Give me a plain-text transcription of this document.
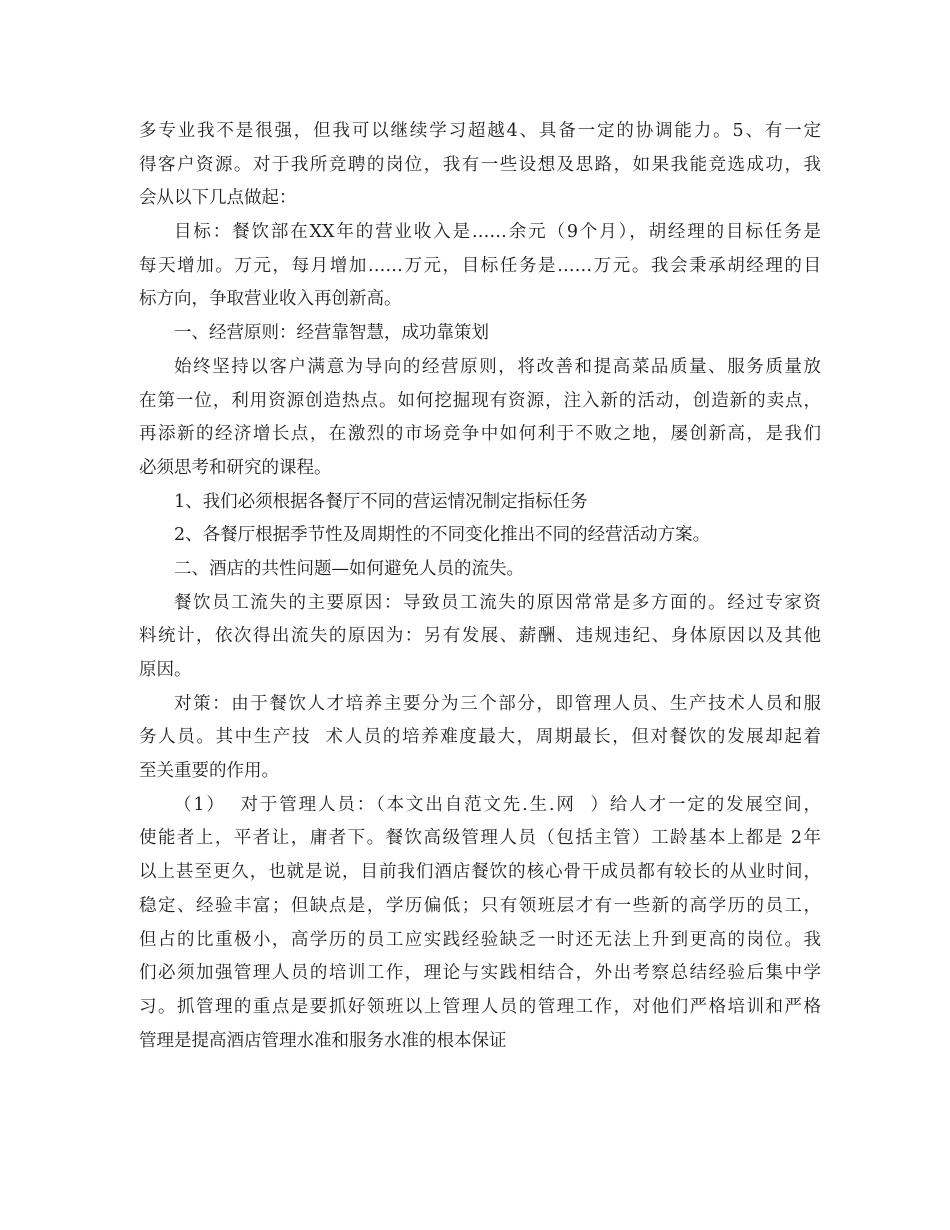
多专业我不是很强，但我可以继续学习超越4、具备一定的协调能力。5、有一定
得客户资源。对于我所竞聘的岗位，我有一些设想及思路，如果我能竞选成功，我
会从以下几点做起：
目标：餐饮部在XX年的营业收入是……余元（9个月），胡经理的目标任务是
每天增加。万元，每月增加……万元，目标任务是……万元。我会秉承胡经理的目
标方向，争取营业收入再创新高。
一、经营原则：经营靠智慧，成功靠策划
始终坚持以客户满意为导向的经营原则，将改善和提高菜品质量、服务质量放
在第一位，利用资源创造热点。如何挖掘现有资源，注入新的活动，创造新的卖点，
再添新的经济增长点，在激烈的市场竞争中如何利于不败之地，屡创新高，是我们
必须思考和研究的课程。
1、我们必须根据各餐厅不同的营运情况制定指标任务
2、各餐厅根据季节性及周期性的不同变化推出不同的经营活动方案。
二、酒店的共性问题—如何避免人员的流失。
餐饮员工流失的主要原因：导致员工流失的原因常常是多方面的。经过专家资
料统计，依次得出流失的原因为：另有发展、薪酬、违规违纪、身体原因以及其他
原因。
对策：由于餐饮人才培养主要分为三个部分，即管理人员、生产技术人员和服
务人员。其中生产技  术人员的培养难度最大，周期最长，但对餐饮的发展却起着
至关重要的作用。
（1）  对于管理人员：（本文出自范文先.生.网  ）给人才一定的发展空间，
使能者上，平者让，庸者下。餐饮高级管理人员（包括主管）工龄基本上都是 2年
以上甚至更久，也就是说，目前我们酒店餐饮的核心骨干成员都有较长的从业时间，
稳定、经验丰富；但缺点是，学历偏低；只有领班层才有一些新的高学历的员工，
但占的比重极小，高学历的员工应实践经验缺乏一时还无法上升到更高的岗位。我
们必须加强管理人员的培训工作，理论与实践相结合，外出考察总结经验后集中学
习。抓管理的重点是要抓好领班以上管理人员的管理工作，对他们严格培训和严格
管理是提高酒店管理水准和服务水准的根本保证
